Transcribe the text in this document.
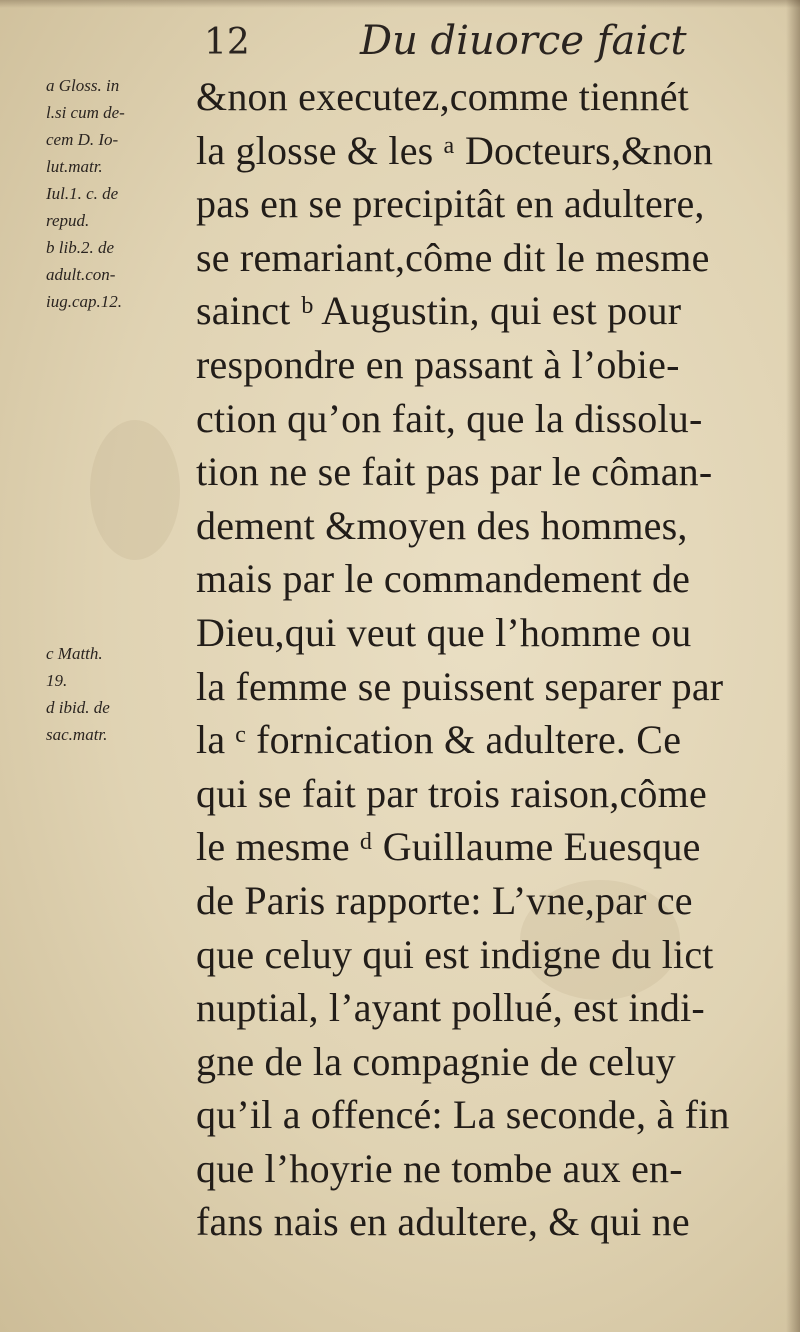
12	Du diuorce faict
a Gloss. in
l.si cum de-
cem D. Io-
lut.matr.
Iul.1. c. de
repud.
b lib.2. de
adult.con-
iug.cap.12.
c Matth.
19.
d ibid. de
sac.matr.
&non executez,comme tiennét
la glosse & les ᵃ Docteurs,&non
pas en se precipitât en adultere,
se remariant,côme dit le mesme
sainct ᵇ Augustin, qui est pour
respondre en passant à l’obie-
ction qu’on fait, que la dissolu-
tion ne se fait pas par le côman-
dement &moyen des hommes,
mais par le commandement de
Dieu,qui veut que l’homme ou
la femme se puissent separer par
la ᶜ fornication & adultere. Ce
qui se fait par trois raison,côme
le mesme ᵈ Guillaume Euesque
de Paris rapporte: L’vne,par ce
que celuy qui est indigne du lict
nuptial, l’ayant pollué, est indi-
gne de la compagnie de celuy
qu’il a offencé: La seconde, à fin
que l’hoyrie ne tombe aux en-
fans nais en adultere, & qui ne
